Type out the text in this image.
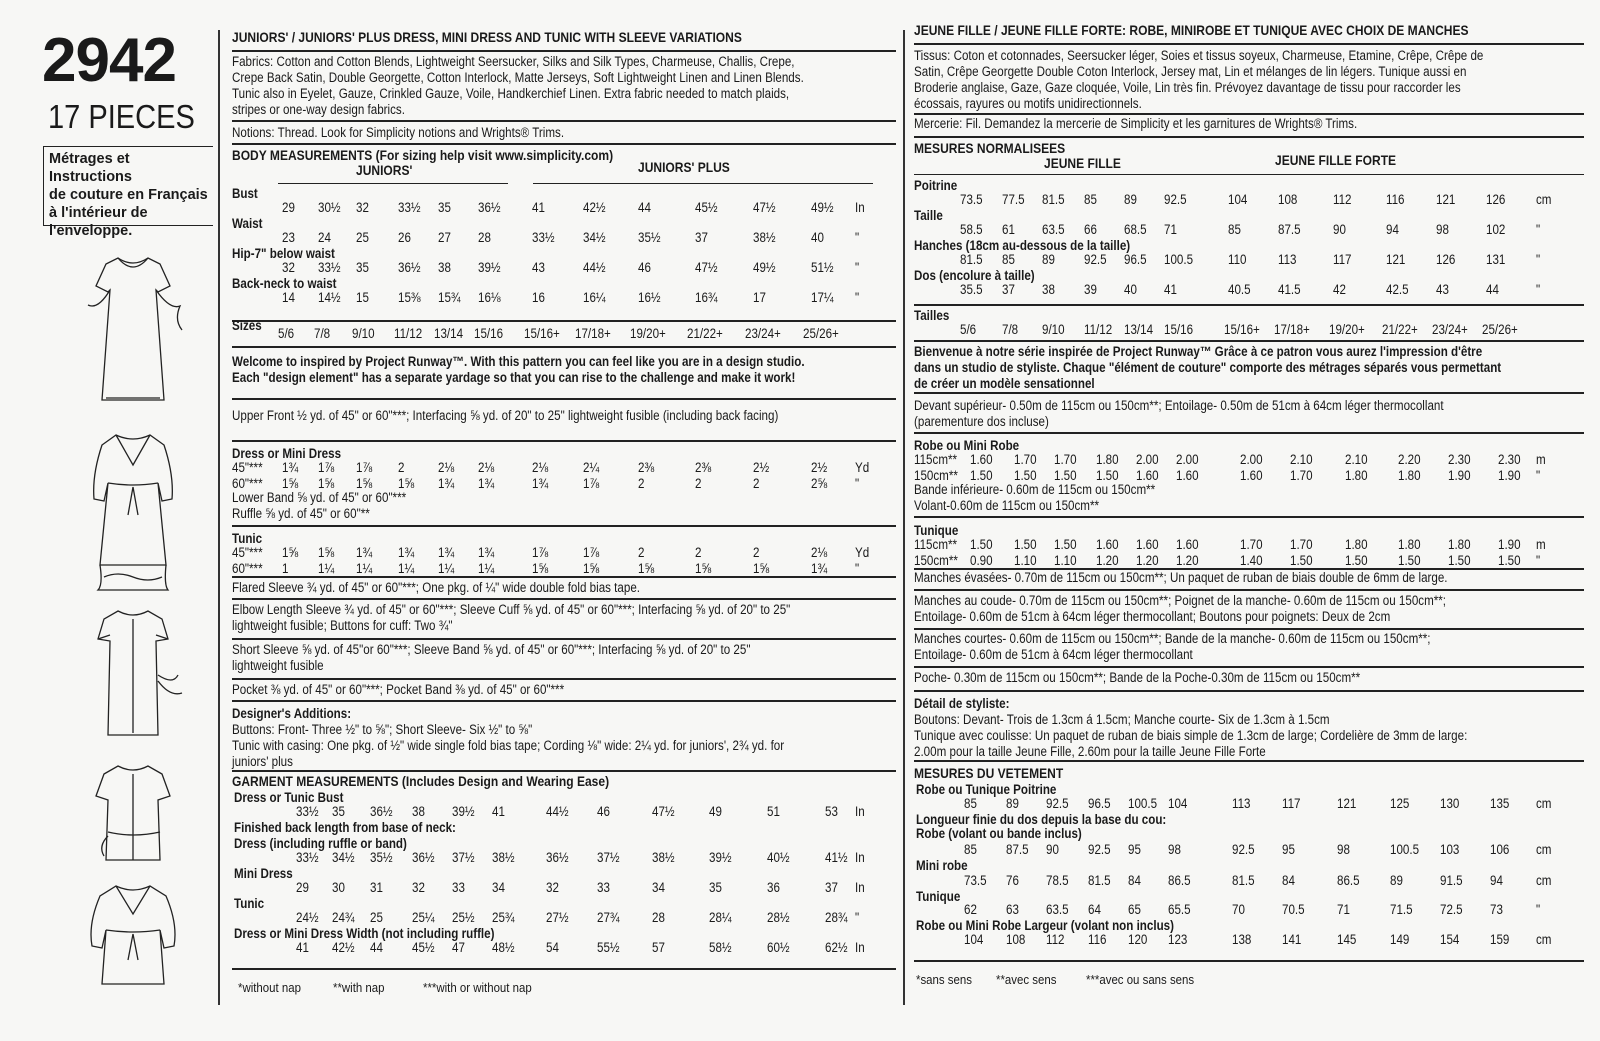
2942
17 PIECES
Métrages et Instructions
de couture en Français
à l'intérieur de
l'enveloppe.
JUNIORS' / JUNIORS' PLUS DRESS, MINI DRESS AND TUNIC WITH SLEEVE VARIATIONS
Fabrics: Cotton and Cotton Blends, Lightweight Seersucker, Silks and Silk Types, Charmeuse, Challis, Crepe,
Crepe Back Satin, Double Georgette, Cotton Interlock, Matte Jerseys, Soft Lightweight Linen and Linen Blends.
Tunic also in Eyelet, Gauze, Crinkled Gauze, Voile, Handkerchief Linen. Extra fabric needed to match plaids,
stripes or one-way design fabrics.
Notions: Thread. Look for Simplicity notions and Wrights® Trims.
BODY MEASUREMENTS (For sizing help visit www.simplicity.com)
JUNIORS'	JUNIORS' PLUS
Bust
29 30½ 32 33½ 35 36½ 41	42½ 44	45½	47½	49½ In
Waist
23 24 25 26 27 28	33½ 34½ 35½	37	38½	40 "
Hip-7" below waist
32 33½ 35 36½ 38 39½ 43	44½ 46	47½	49½	51½ "
Back-neck to waist
14 14½ 15 15⅜ 15¾ 16⅛ 16	16¼ 16½	16¾	17	17¼ "
Sizes
5/6 7/8 9/10 11/12 13/14 15/16 15/16+ 17/18+ 19/20+ 21/22+ 23/24+ 25/26+
Welcome to inspired by Project Runway™. With this pattern you can feel like you are in a design studio.
Each "design element" has a separate yardage so that you can rise to the challenge and make it work!
Upper Front ½ yd. of 45" or 60"***; Interfacing ⅝ yd. of 20" to 25" lightweight fusible (including back facing)
Dress or Mini Dress
45"*** 1¾ 1⅞ 1⅞ 2 2⅛ 2⅛	2⅛	2¼	2⅜	2⅜	2½	2½ Yd
60"*** 1⅝ 1⅝ 1⅝ 1⅝ 1¾ 1¾	1¾	1⅞	2	2	2	2⅝ "
Lower Band ⅝ yd. of 45" or 60"***
Ruffle ⅝ yd. of 45" or 60"**
Tunic
45"*** 1⅝ 1⅝ 1¾ 1¾ 1¾ 1¾	1⅞	1⅞	2	2	2	2⅛ Yd
60"*** 1 1¼ 1¼ 1¼ 1¼ 1¼	1⅝	1⅝	1⅝	1⅝	1⅝	1¾ "
Flared Sleeve ¾ yd. of 45" or 60"***; One pkg. of ¼" wide double fold bias tape.
Elbow Length Sleeve ¾ yd. of 45" or 60"***; Sleeve Cuff ⅝ yd. of 45" or 60"***; Interfacing ⅝ yd. of 20" to 25"
lightweight fusible; Buttons for cuff: Two ¾"
Short Sleeve ⅝ yd. of 45"or 60"***; Sleeve Band ⅝ yd. of 45" or 60"***; Interfacing ⅝ yd. of 20" to 25"
lightweight fusible
Pocket ⅜ yd. of 45" or 60"***; Pocket Band ⅜ yd. of 45" or 60"***
Designer's Additions:
Buttons: Front- Three ½" to ⅝"; Short Sleeve- Six ½" to ⅝"
Tunic with casing: One pkg. of ½" wide single fold bias tape; Cording ⅛" wide: 2¼ yd. for juniors', 2¾ yd. for
juniors' plus
GARMENT MEASUREMENTS (Includes Design and Wearing Ease)
Dress or Tunic Bust
33½ 35 36½ 38 39½ 41	44½ 46	47½	49	51	53 In
Finished back length from base of neck:
Dress (including ruffle or band)
33½ 34½ 35½ 36½ 37½ 38½ 36½ 37½ 38½	39½	40½	41½ In
Mini Dress
29 30 31 32 33 34	32	33	34	35	36	37 In
Tunic
24½ 24¾ 25 25¼ 25½ 25¾ 27½ 27¾ 28	28¼	28½	28¾ "
Dress or Mini Dress Width (not including ruffle)
41 42½ 44 45½ 47 48½ 54	55½ 57	58½	60½	62½ In
*without nap **with nap	***with or without nap
JEUNE FILLE / JEUNE FILLE FORTE: ROBE, MINIROBE ET TUNIQUE AVEC CHOIX DE MANCHES
Tissus: Coton et cotonnades, Seersucker léger, Soies et tissus soyeux, Charmeuse, Etamine, Crêpe, Crêpe de
Satin, Crêpe Georgette Double Coton Interlock, Jersey mat, Lin et mélanges de lin légers. Tunique aussi en
Broderie anglaise, Gaze, Gaze cloquée, Voile, Lin très fin. Prévoyez davantage de tissu pour raccorder les
écossais, rayures ou motifs unidirectionnels.
Mercerie: Fil. Demandez la mercerie de Simplicity et les garnitures de Wrights® Trims.
MESURES NORMALISEES
JEUNE FILLE	JEUNE FILLE FORTE
Poitrine
73.5 77.5 81.5 85 89 92.5	104 108	112	116 121 126 cm
Taille
58.5 61 63.5 66 68.5 71	85	87.5 90	94	98	102 "
Hanches (18cm au-dessous de la taille)
81.5 85 89 92.5 96.5 100.5	110 113	117	121 126 131 "
Dos (encolure à taille)
35.5 37 38 39 40 41	40.5 41.5 42	42.5 43	44	"
Tailles
5/6 7/8 9/10 11/12 13/14 15/16 15/16+ 17/18+ 19/20+ 21/22+ 23/24+ 25/26+
Bienvenue à notre série inspirée de Project Runway™ Grâce à ce patron vous aurez l'impression d'être
dans un studio de styliste. Chaque "élément de couture" comporte des métrages séparés vous permettant
de créer un modèle sensationnel
Devant supérieur- 0.50m de 115cm ou 150cm**; Entoilage- 0.50m de 51cm à 64cm léger thermocollant
(parementure dos incluse)
Robe ou Mini Robe
115cm** 1.60 1.70 1.70 1.80 2.00 2.00	2.00 2.10 2.10 2.20 2.30 2.30 m
150cm** 1.50 1.50 1.50 1.50 1.60 1.60	1.60 1.70 1.80 1.80 1.90 1.90 "
Bande inférieure- 0.60m de 115cm ou 150cm**
Volant-0.60m de 115cm ou 150cm**
Tunique
115cm** 1.50 1.50 1.50 1.60 1.60 1.60	1.70 1.70 1.80 1.80 1.80 1.90 m
150cm** 0.90 1.10 1.10 1.20 1.20 1.20	1.40 1.50 1.50 1.50 1.50 1.50 "
Manches évasées- 0.70m de 115cm ou 150cm**; Un paquet de ruban de biais double de 6mm de large.
Manches au coude- 0.70m de 115cm ou 150cm**; Poignet de la manche- 0.60m de 115cm ou 150cm**;
Entoilage- 0.60m de 51cm à 64cm léger thermocollant; Boutons pour poignets: Deux de 2cm
Manches courtes- 0.60m de 115cm ou 150cm**; Bande de la manche- 0.60m de 115cm ou 150cm**;
Entoilage- 0.60m de 51cm à 64cm léger thermocollant
Poche- 0.30m de 115cm ou 150cm**; Bande de la Poche-0.30m de 115cm ou 150cm**
Détail de styliste:
Boutons: Devant- Trois de 1.3cm á 1.5cm; Manche courte- Six de 1.3cm à 1.5cm
Tunique avec coulisse: Un paquet de ruban de biais simple de 1.3cm de large; Cordelière de 3mm de large:
2.00m pour la taille Jeune Fille, 2.60m pour la taille Jeune Fille Forte
MESURES DU VETEMENT
Robe ou Tunique Poitrine
85 89 92.5 96.5 100.5 104	113 117	121 125 130 135 cm
Longueur finie du dos depuis la base du cou:
Robe (volant ou bande inclus)
85 87.5 90 92.5 95 98	92.5 95	98	100.5 103 106 cm
Mini robe
73.5 76 78.5 81.5 84 86.5	81.5 84	86.5 89	91.5 94 cm
Tunique
62 63 63.5 64 65 65.5	70	70.5 71	71.5 72.5 73 "
Robe ou Mini Robe Largeur (volant non inclus)
104 108 112 116 120 123	138 141	145 149 154 159 cm
*sans sens **avec sens ***avec ou sans sens
